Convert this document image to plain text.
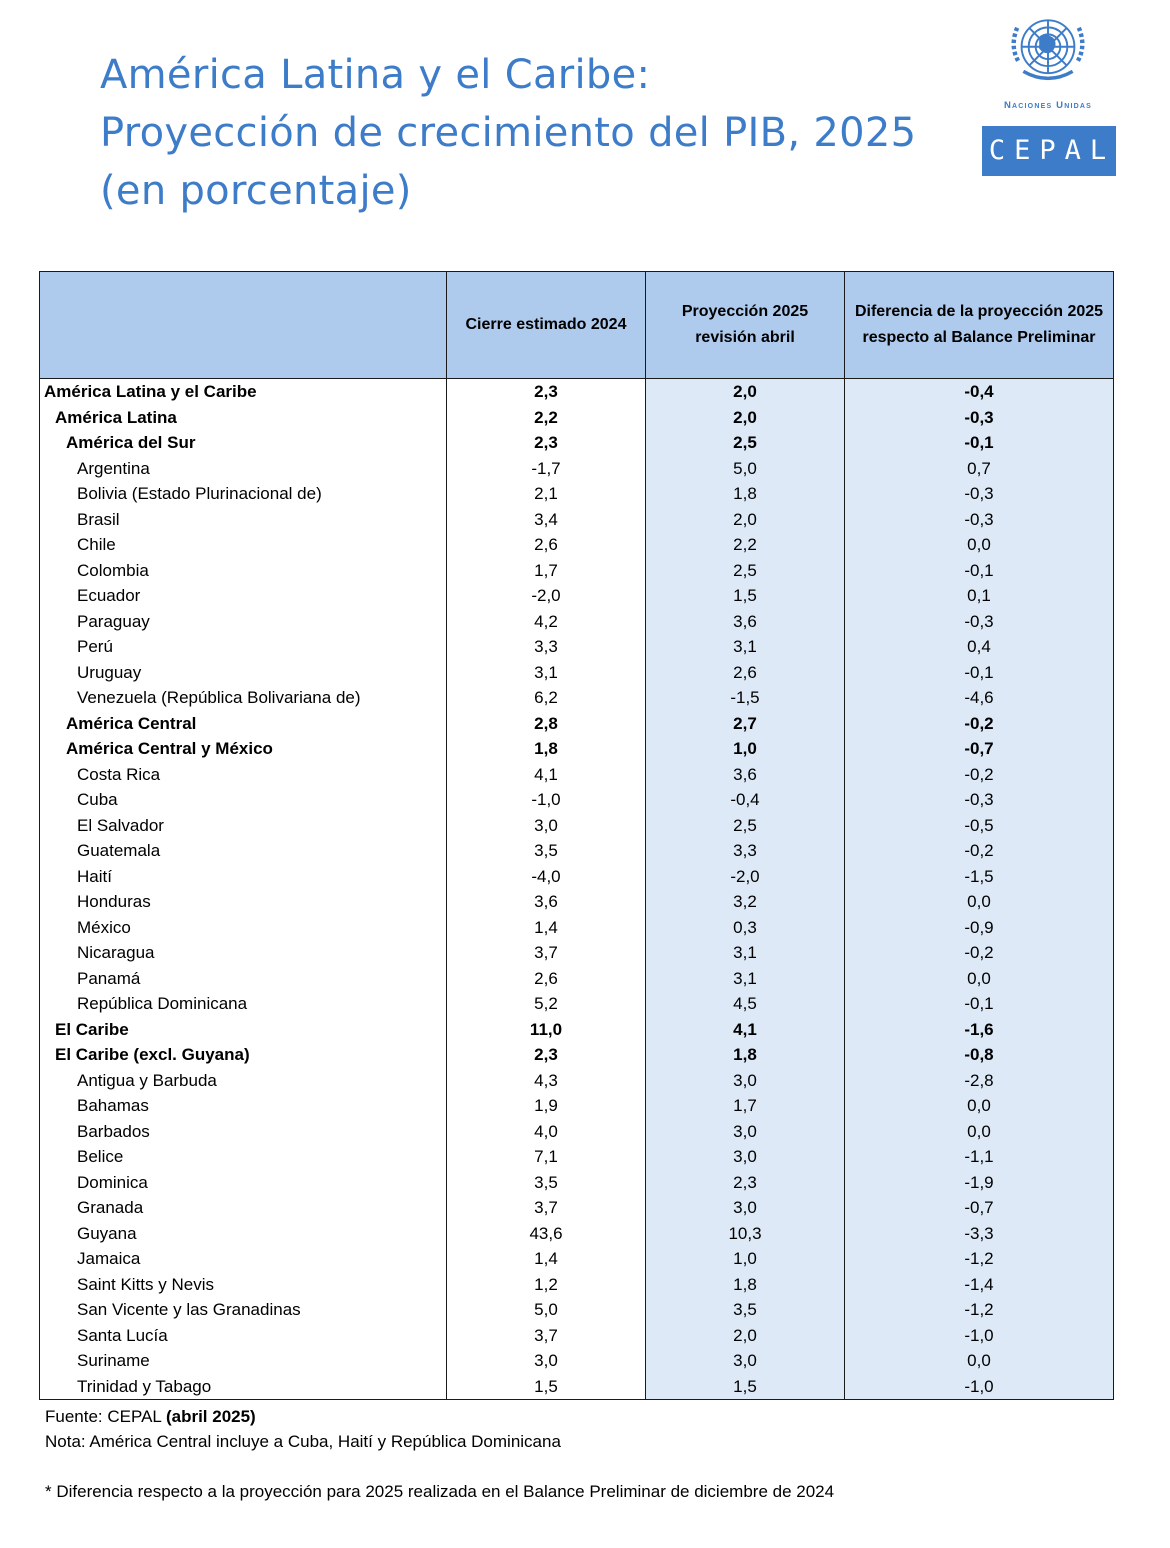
América Latina y el Caribe:
Proyección de crecimiento del PIB, 2025
(en porcentaje)
Naciones Unidas
CEPAL
	Cierre estimado 2024	Proyección 2025 revisión abril	Diferencia de la proyección 2025 respecto al Balance Preliminar
América Latina y el Caribe	2,3	2,0	-0,4
América Latina	2,2	2,0	-0,3
América del Sur	2,3	2,5	-0,1
Argentina	-1,7	5,0	0,7
Bolivia (Estado Plurinacional de)	2,1	1,8	-0,3
Brasil	3,4	2,0	-0,3
Chile	2,6	2,2	0,0
Colombia	1,7	2,5	-0,1
Ecuador	-2,0	1,5	0,1
Paraguay	4,2	3,6	-0,3
Perú	3,3	3,1	0,4
Uruguay	3,1	2,6	-0,1
Venezuela (República Bolivariana de)	6,2	-1,5	-4,6
América Central	2,8	2,7	-0,2
América Central y México	1,8	1,0	-0,7
Costa Rica	4,1	3,6	-0,2
Cuba	-1,0	-0,4	-0,3
El Salvador	3,0	2,5	-0,5
Guatemala	3,5	3,3	-0,2
Haití	-4,0	-2,0	-1,5
Honduras	3,6	3,2	0,0
México	1,4	0,3	-0,9
Nicaragua	3,7	3,1	-0,2
Panamá	2,6	3,1	0,0
República Dominicana	5,2	4,5	-0,1
El Caribe	11,0	4,1	-1,6
El Caribe (excl. Guyana)	2,3	1,8	-0,8
Antigua y Barbuda	4,3	3,0	-2,8
Bahamas	1,9	1,7	0,0
Barbados	4,0	3,0	0,0
Belice	7,1	3,0	-1,1
Dominica	3,5	2,3	-1,9
Granada	3,7	3,0	-0,7
Guyana	43,6	10,3	-3,3
Jamaica	1,4	1,0	-1,2
Saint Kitts y Nevis	1,2	1,8	-1,4
San Vicente y las Granadinas	5,0	3,5	-1,2
Santa Lucía	3,7	2,0	-1,0
Suriname	3,0	3,0	0,0
Trinidad y Tabago	1,5	1,5	-1,0
Fuente: CEPAL (abril 2025)
Nota: América Central incluye a Cuba, Haití y República Dominicana
* Diferencia respecto a la proyección para 2025 realizada en el Balance Preliminar de diciembre de 2024
